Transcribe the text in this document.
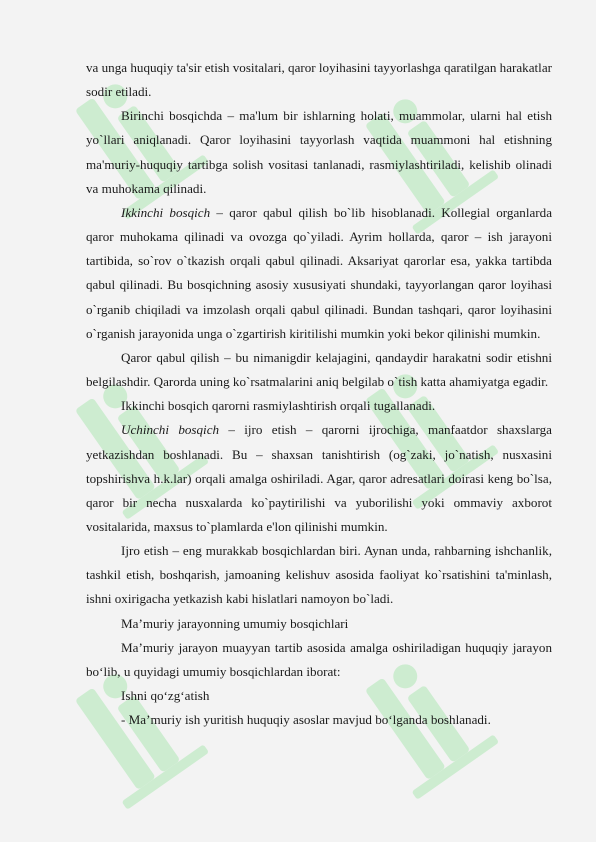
va unga huquqiy ta'sir etish vositalari, qaror loyihasini tayyorlashga qaratilgan harakatlar sodir etiladi.

Birinchi bosqichda – ma'lum bir ishlarning holati, muammolar, ularni hal etish yo`llari aniqlanadi. Qaror loyihasini tayyorlash vaqtida muammoni hal etishning ma'muriy-huquqiy tartibga solish vositasi tanlanadi, rasmiylashtiriladi, kelishib olinadi va muhokama qilinadi.

Ikkinchi bosqich – qaror qabul qilish bo`lib hisoblanadi. Kollegial organlarda qaror muhokama qilinadi va ovozga qo`yiladi. Ayrim hollarda, qaror – ish jarayoni tartibida, so`rov o`tkazish orqali qabul qilinadi. Aksariyat qarorlar esa, yakka tartibda qabul qilinadi. Bu bosqichning asosiy xususiyati shundaki, tayyorlangan qaror loyihasi o`rganib chiqiladi va imzolash orqali qabul qilinadi. Bundan tashqari, qaror loyihasini o`rganish jarayonida unga o`zgartirish kiritilishi mumkin yoki bekor qilinishi mumkin.

Qaror qabul qilish – bu nimanigdir kelajagini, qandaydir harakatni sodir etishni belgilashdir. Qarorda uning ko`rsatmalarini aniq belgilab o`tish katta ahamiyatga egadir.

Ikkinchi bosqich qarorni rasmiylashtirish orqali tugallanadi.

Uchinchi bosqich – ijro etish – qarorni ijrochiga, manfaatdor shaxslarga yetkazishdan boshlanadi. Bu – shaxsan tanishtirish (og`zaki, jo`natish, nusxasini topshirishva h.k.lar) orqali amalga oshiriladi. Agar, qaror adresatlari doirasi keng bo`lsa, qaror bir necha nusxalarda ko`paytirilishi va yuborilishi yoki ommaviy axborot vositalarida, maxsus to`plamlarda e'lon qilinishi mumkin.

Ijro etish – eng murakkab bosqichlardan biri. Aynan unda, rahbarning ishchanlik, tashkil etish, boshqarish, jamoaning kelishuv asosida faoliyat ko`rsatishini ta'minlash, ishni oxirigacha yetkazish kabi hislatlari namoyon bo`ladi.

Ma’muriy jarayonning umumiy bosqichlari

Ma’muriy jarayon muayyan tartib asosida amalga oshiriladigan huquqiy jarayon bo‘lib, u quyidagi umumiy bosqichlardan iborat:

Ishni qo‘zg‘atish

- Ma’muriy ish yuritish huquqiy asoslar mavjud bo‘lganda boshlanadi.
